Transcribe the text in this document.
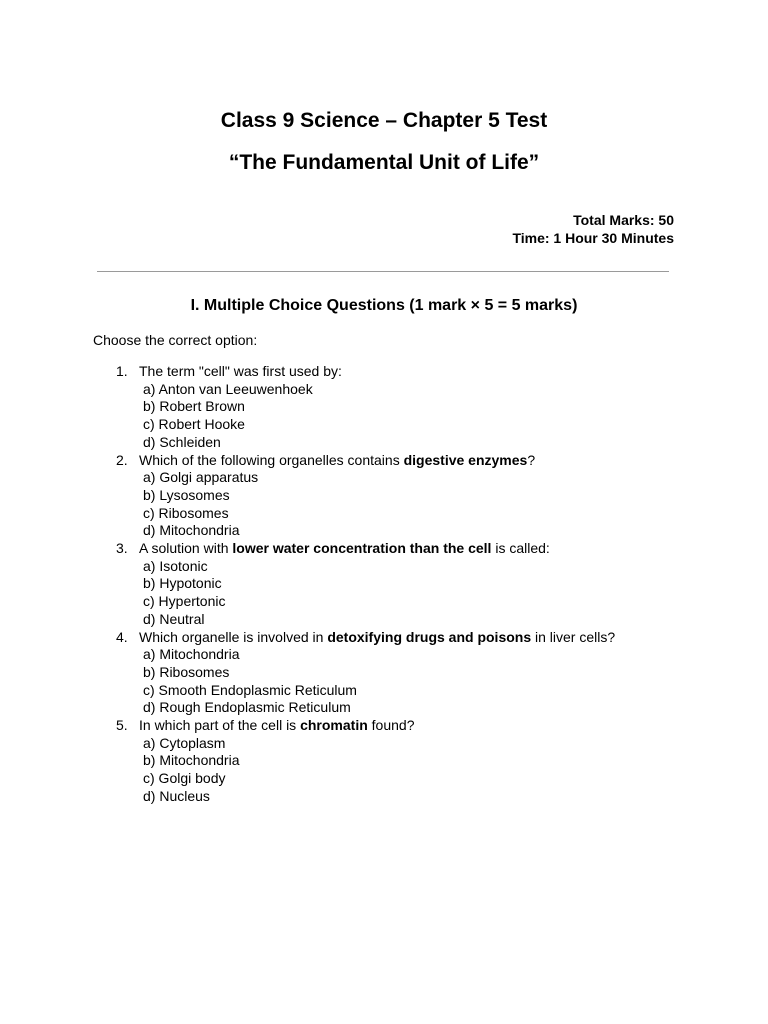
Class 9 Science – Chapter 5 Test
“The Fundamental Unit of Life”
Total Marks: 50
Time: 1 Hour 30 Minutes
I. Multiple Choice Questions (1 mark × 5 = 5 marks)

Choose the correct option:

1. The term "cell" was first used by:
a) Anton van Leeuwenhoek
b) Robert Brown
c) Robert Hooke
d) Schleiden
2. Which of the following organelles contains digestive enzymes?
a) Golgi apparatus
b) Lysosomes
c) Ribosomes
d) Mitochondria
3. A solution with lower water concentration than the cell is called:
a) Isotonic
b) Hypotonic
c) Hypertonic
d) Neutral
4. Which organelle is involved in detoxifying drugs and poisons in liver cells?
a) Mitochondria
b) Ribosomes
c) Smooth Endoplasmic Reticulum
d) Rough Endoplasmic Reticulum
5. In which part of the cell is chromatin found?
a) Cytoplasm
b) Mitochondria
c) Golgi body
d) Nucleus
